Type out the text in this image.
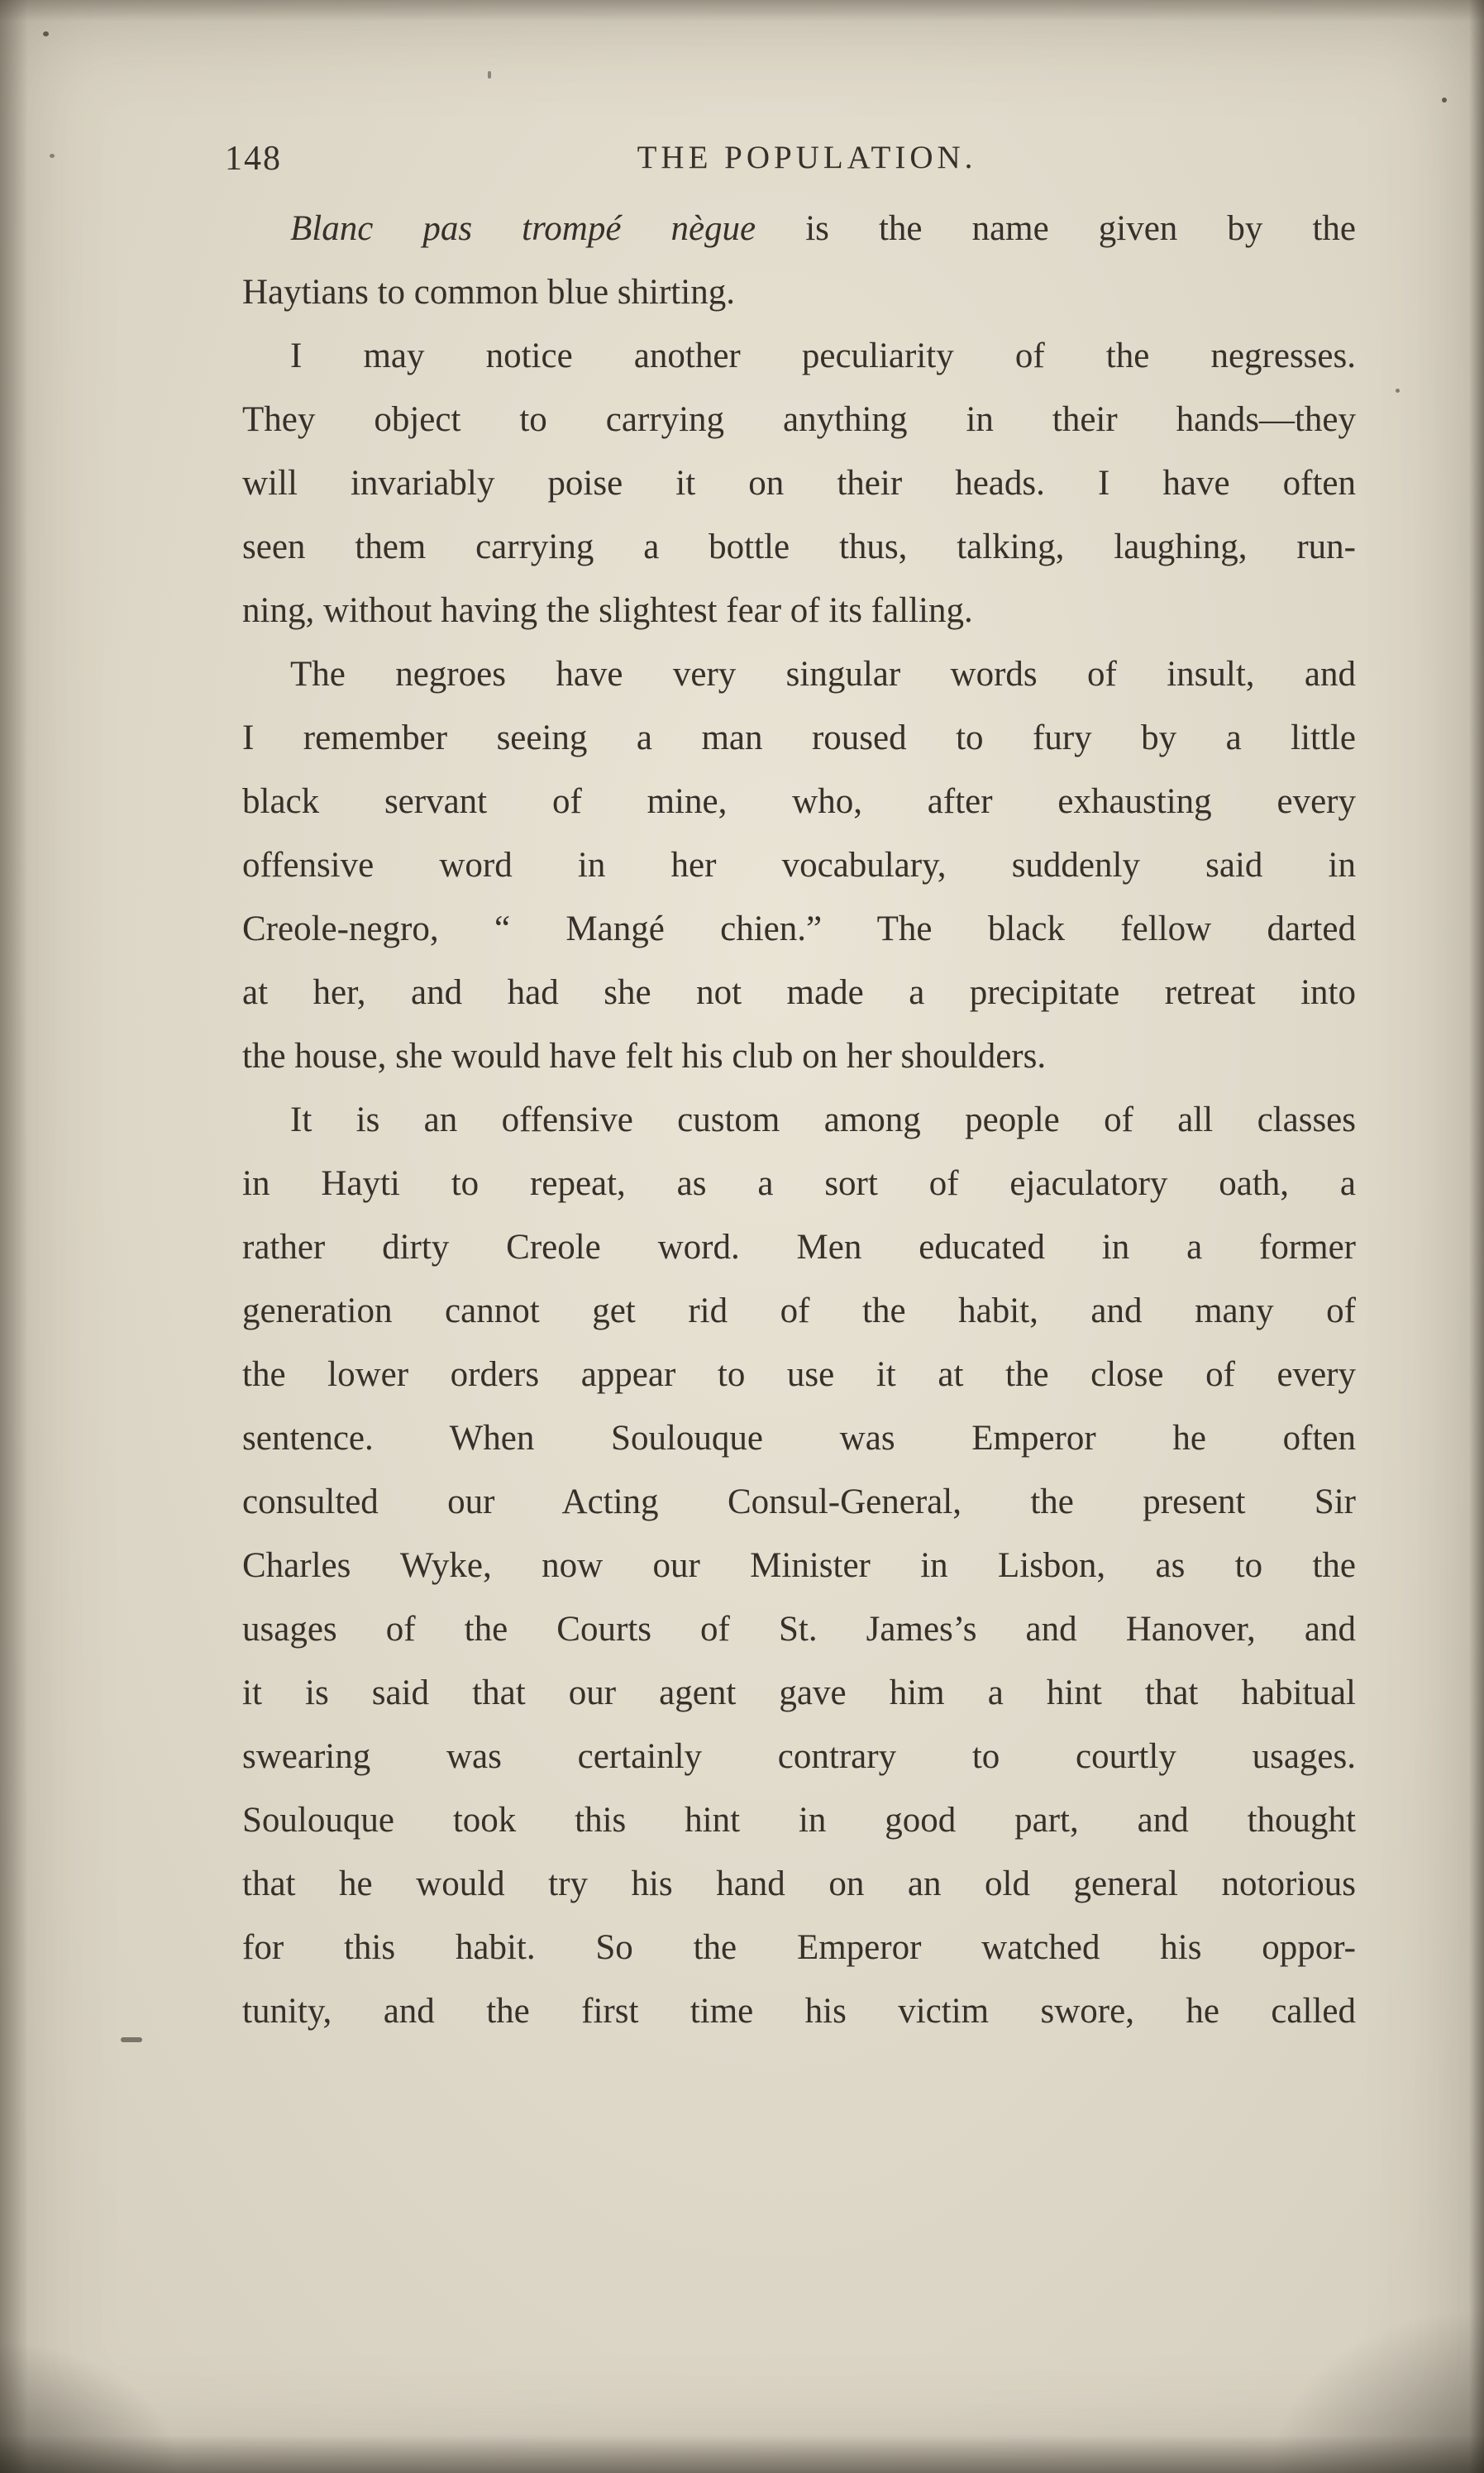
148	THE POPULATION.
Blanc pas trompé nègue is the name given by the
Haytians to common blue shirting.
I may notice another peculiarity of the negresses.
They object to carrying anything in their hands—they
will invariably poise it on their heads. I have often
seen them carrying a bottle thus, talking, laughing, run-
ning, without having the slightest fear of its falling.
The negroes have very singular words of insult, and
I remember seeing a man roused to fury by a little
black servant of mine, who, after exhausting every
offensive word in her vocabulary, suddenly said in
Creole-negro, “ Mangé chien.” The black fellow darted
at her, and had she not made a precipitate retreat into
the house, she would have felt his club on her shoulders.
It is an offensive custom among people of all classes
in Hayti to repeat, as a sort of ejaculatory oath, a
rather dirty Creole word. Men educated in a former
generation cannot get rid of the habit, and many of
the lower orders appear to use it at the close of every
sentence. When Soulouque was Emperor he often
consulted our Acting Consul-General, the present Sir
Charles Wyke, now our Minister in Lisbon, as to the
usages of the Courts of St. James’s and Hanover, and
it is said that our agent gave him a hint that habitual
swearing was certainly contrary to courtly usages.
Soulouque took this hint in good part, and thought
that he would try his hand on an old general notorious
for this habit. So the Emperor watched his oppor-
tunity, and the first time his victim swore, he called
